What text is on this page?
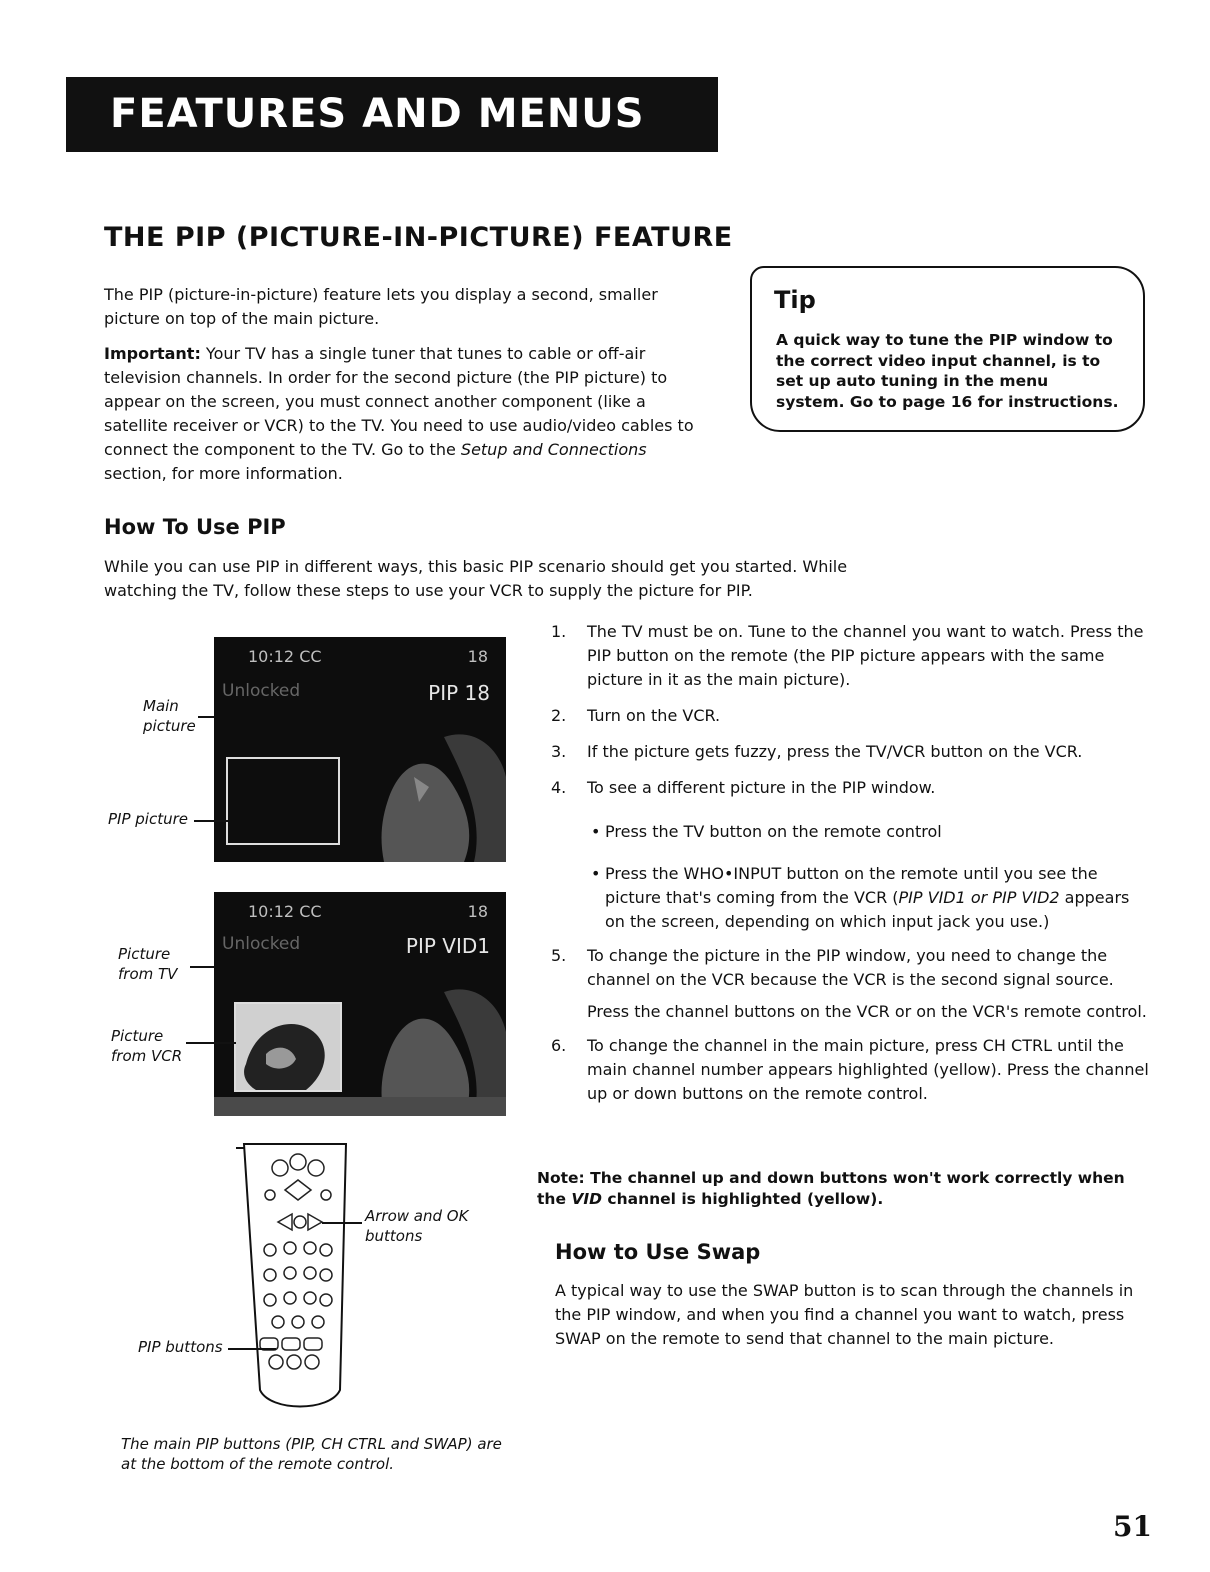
FEATURES AND MENUS
THE PIP (PICTURE-IN-PICTURE) FEATURE
The PIP (picture-in-picture) feature lets you display a second, smaller picture on top of the main picture.
Important: Your TV has a single tuner that tunes to cable or off-air television channels. In order for the second picture (the PIP picture) to appear on the screen, you must connect another component (like a satellite receiver or VCR) to the TV. You need to use audio/video cables to connect the component to the TV. Go to the Setup and Connections section, for more information.
Tip
A quick way to tune the PIP window to the correct video input channel, is to set up auto tuning in the menu system. Go to page 16 for instructions.
How To Use PIP
While you can use PIP in different ways, this basic PIP scenario should get you started. While watching the TV, follow these steps to use your VCR to supply the picture for PIP.
10:12 CC	18
Unlocked	PIP 18
Main picture
PIP picture
10:12 CC	18
Unlocked	PIP VID1
Picture from TV
Picture from VCR
Arrow and OK buttons
PIP buttons
The main PIP buttons (PIP, CH CTRL and SWAP) are at the bottom of the remote control.
1. The TV must be on. Tune to the channel you want to watch. Press the PIP button on the remote (the PIP picture appears with the same picture in it as the main picture).
2. Turn on the VCR.
3. If the picture gets fuzzy, press the TV/VCR button on the VCR.
4. To see a different picture in the PIP window.
• Press the TV button on the remote control
• Press the WHO•INPUT button on the remote until you see the picture that's coming from the VCR (PIP VID1 or PIP VID2 appears on the screen, depending on which input jack you use.)
5. To change the picture in the PIP window, you need to change the channel on the VCR because the VCR is the second signal source.
Press the channel buttons on the VCR or on the VCR's remote control.
6. To change the channel in the main picture, press CH CTRL until the main channel number appears highlighted (yellow). Press the channel up or down buttons on the remote control.
Note: The channel up and down buttons won't work correctly when the VID channel is highlighted (yellow).
How to Use Swap
A typical way to use the SWAP button is to scan through the channels in the PIP window, and when you find a channel you want to watch, press SWAP on the remote to send that channel to the main picture.
51
